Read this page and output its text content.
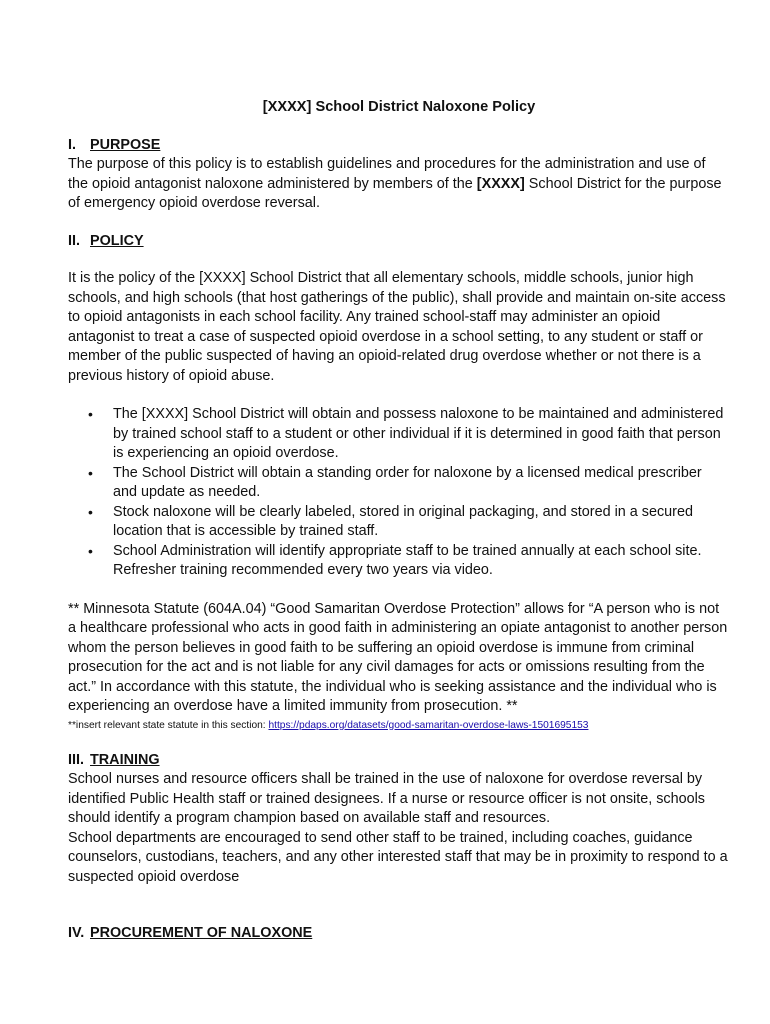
[XXXX] School District Naloxone Policy
I. PURPOSE

The purpose of this policy is to establish guidelines and procedures for the administration and use of the opioid antagonist naloxone administered by members of the [XXXX] School District for the purpose of emergency opioid overdose reversal.

II. POLICY

It is the policy of the [XXXX] School District that all elementary schools, middle schools, junior high schools, and high schools (that host gatherings of the public), shall provide and maintain on-site access to opioid antagonists in each school facility. Any trained school-staff may administer an opioid antagonist to treat a case of suspected opioid overdose in a school setting, to any student or staff or member of the public suspected of having an opioid-related drug overdose whether or not there is a previous history of opioid abuse.

• The [XXXX] School District will obtain and possess naloxone to be maintained and administered by trained school staff to a student or other individual if it is determined in good faith that person is experiencing an opioid overdose.
• The School District will obtain a standing order for naloxone by a licensed medical prescriber and update as needed.
• Stock naloxone will be clearly labeled, stored in original packaging, and stored in a secured location that is accessible by trained staff.
• School Administration will identify appropriate staff to be trained annually at each school site. Refresher training recommended every two years via video.

** Minnesota Statute (604A.04) “Good Samaritan Overdose Protection” allows for “A person who is not a healthcare professional who acts in good faith in administering an opiate antagonist to another person whom the person believes in good faith to be suffering an opioid overdose is immune from criminal prosecution for the act and is not liable for any civil damages for acts or omissions resulting from the act.” In accordance with this statute, the individual who is seeking assistance and the individual who is experiencing an overdose have a limited immunity from prosecution. **

**insert relevant state statute in this section: https://pdaps.org/datasets/good-samaritan-overdose-laws-1501695153

III. TRAINING

School nurses and resource officers shall be trained in the use of naloxone for overdose reversal by identified Public Health staff or trained designees. If a nurse or resource officer is not onsite, schools should identify a program champion based on available staff and resources.

School departments are encouraged to send other staff to be trained, including coaches, guidance counselors, custodians, teachers, and any other interested staff that may be in proximity to respond to a suspected opioid overdose

IV. PROCUREMENT OF NALOXONE
